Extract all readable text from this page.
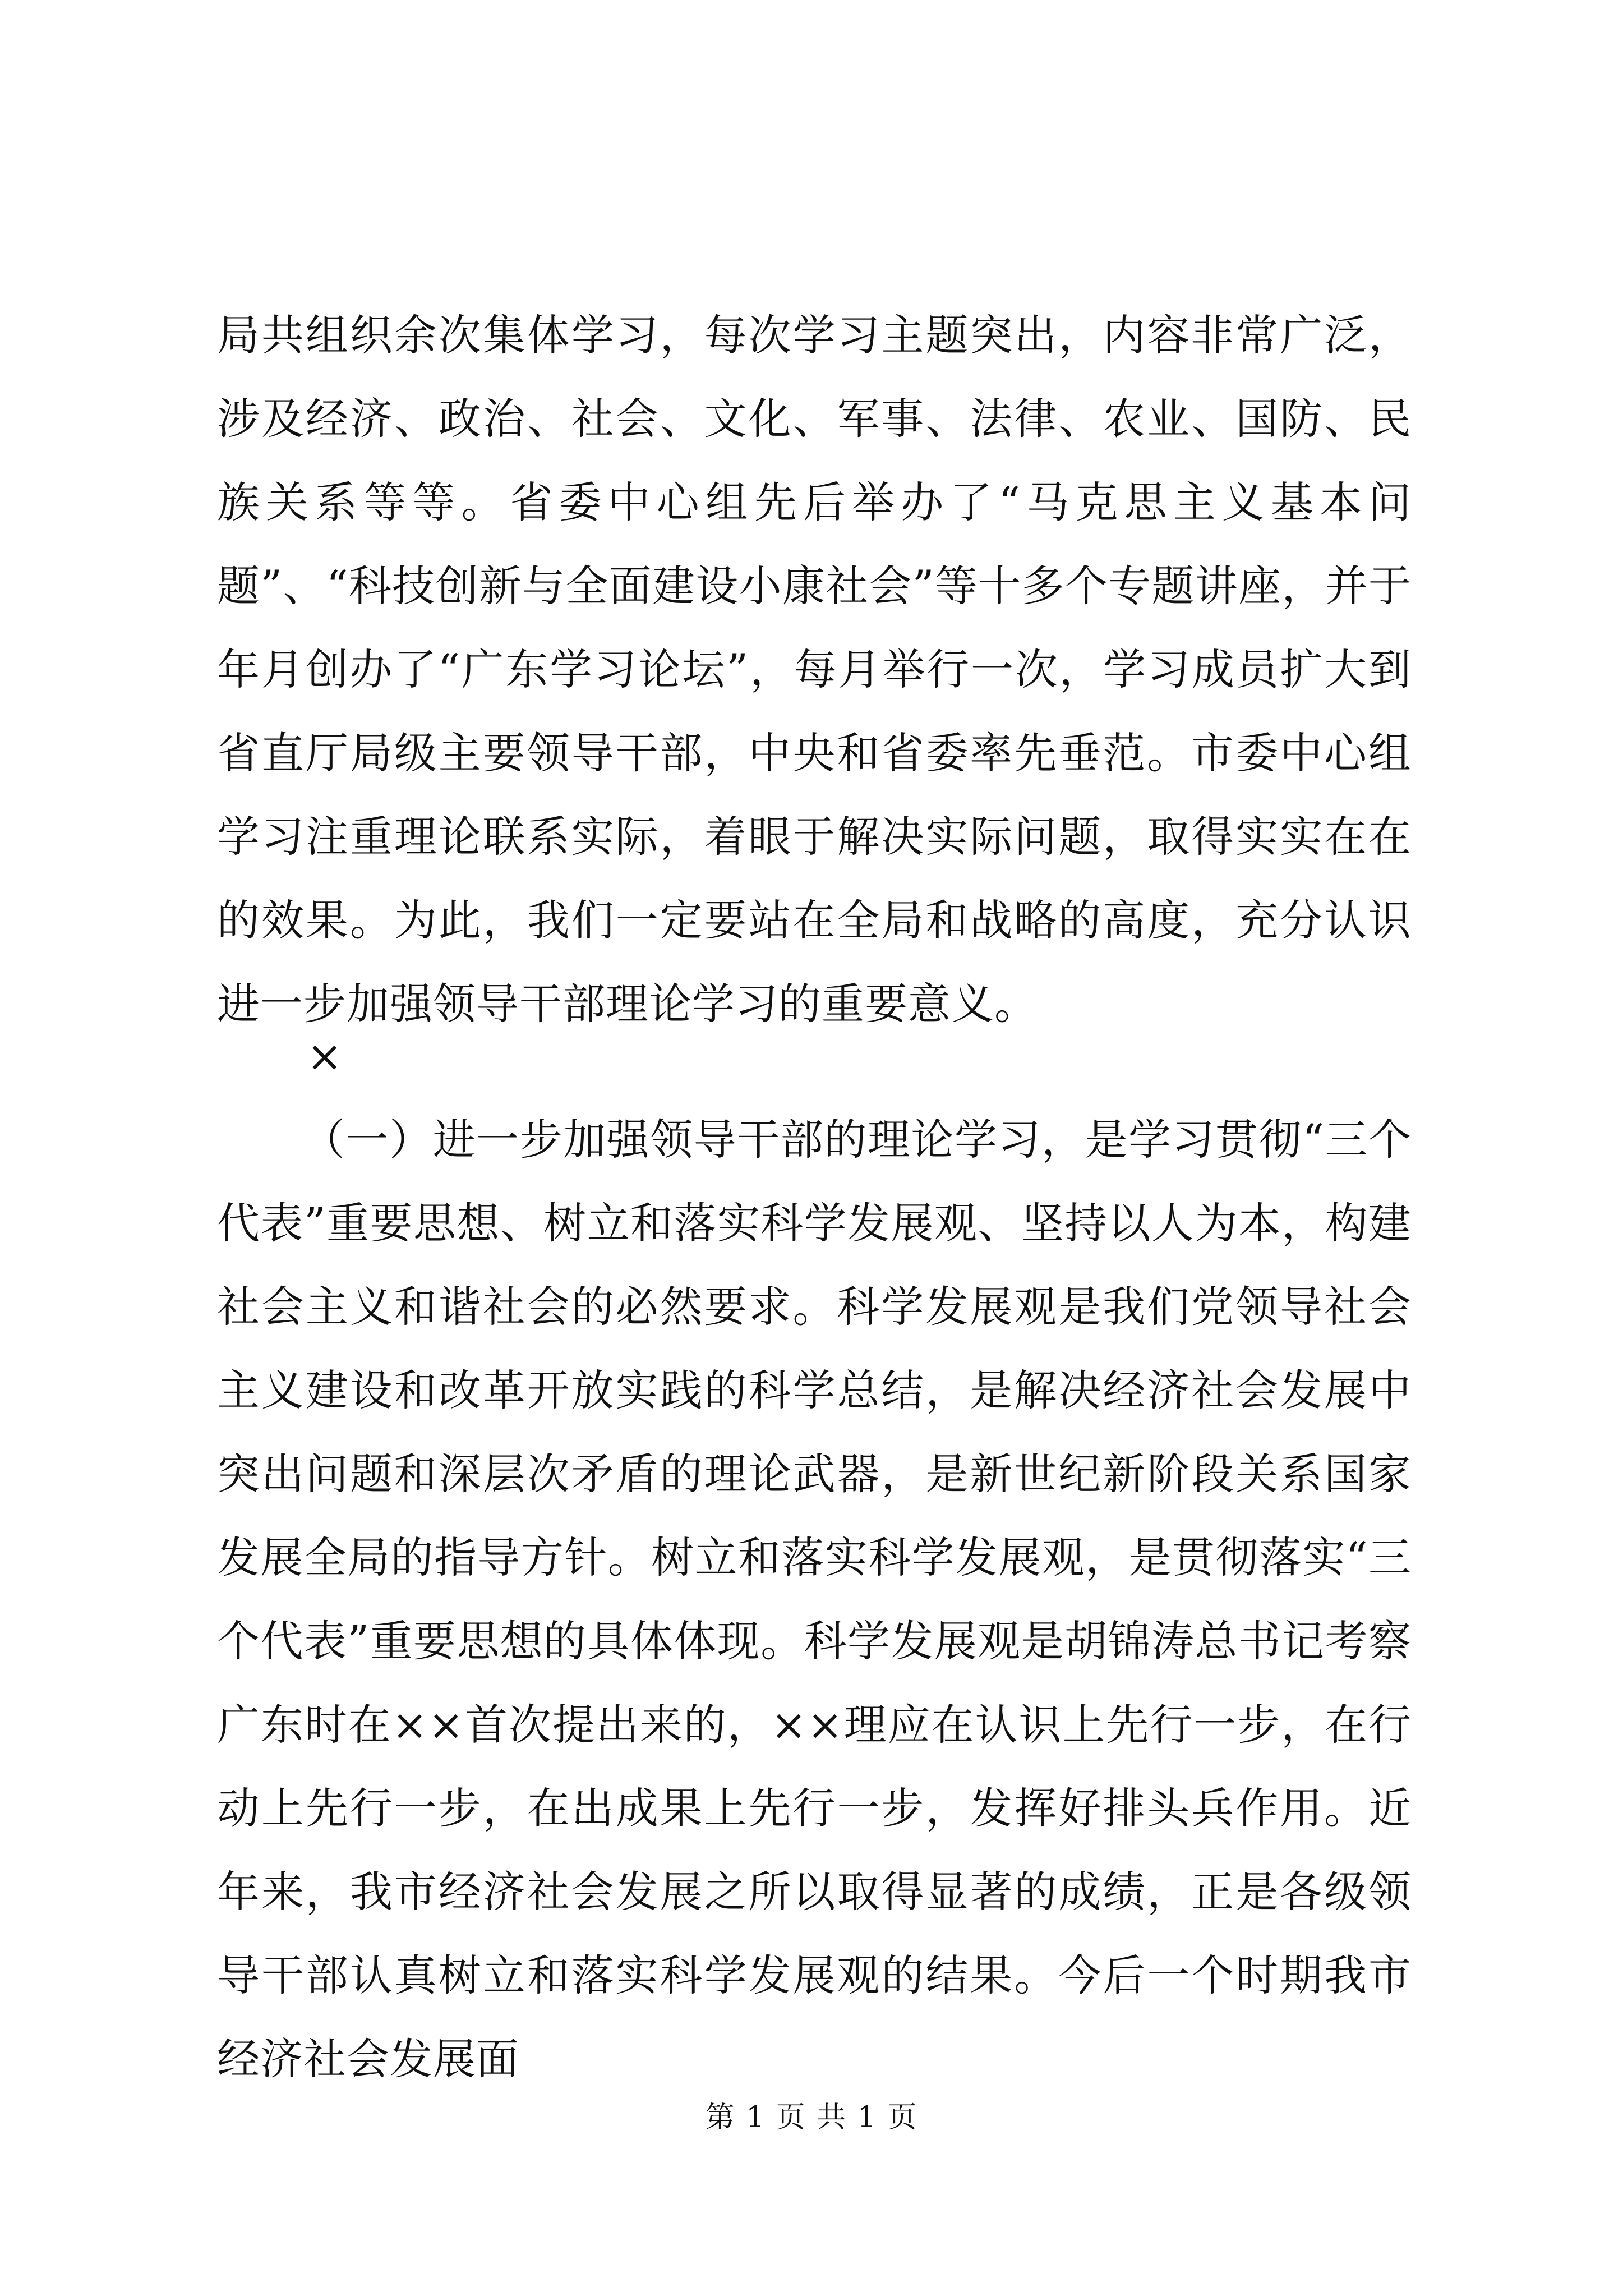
局共组织余次集体学习，每次学习主题突出，内容非常广泛，涉及经济、政治、社会、文化、军事、法律、农业、国防、民族关系等等。省委中心组先后举办了“马克思主义基本问题”、“科技创新与全面建设小康社会”等十多个专题讲座，并于年月创办了“广东学习论坛”，每月举行一次，学习成员扩大到省直厅局级主要领导干部，中央和省委率先垂范。市委中心组学习注重理论联系实际，着眼于解决实际问题，取得实实在在的效果。为此，我们一定要站在全局和战略的高度，充分认识进一步加强领导干部理论学习的重要意义。

×

（一）进一步加强领导干部的理论学习，是学习贯彻“三个代表”重要思想、树立和落实科学发展观、坚持以人为本，构建社会主义和谐社会的必然要求。科学发展观是我们党领导社会主义建设和改革开放实践的科学总结，是解决经济社会发展中突出问题和深层次矛盾的理论武器，是新世纪新阶段关系国家发展全局的指导方针。树立和落实科学发展观，是贯彻落实“三个代表”重要思想的具体体现。科学发展观是胡锦涛总书记考察广东时在××首次提出来的，××理应在认识上先行一步，在行动上先行一步，在出成果上先行一步，发挥好排头兵作用。近年来，我市经济社会发展之所以取得显著的成绩，正是各级领导干部认真树立和落实科学发展观的结果。今后一个时期我市经济社会发展面

第 1 页 共 1 页
